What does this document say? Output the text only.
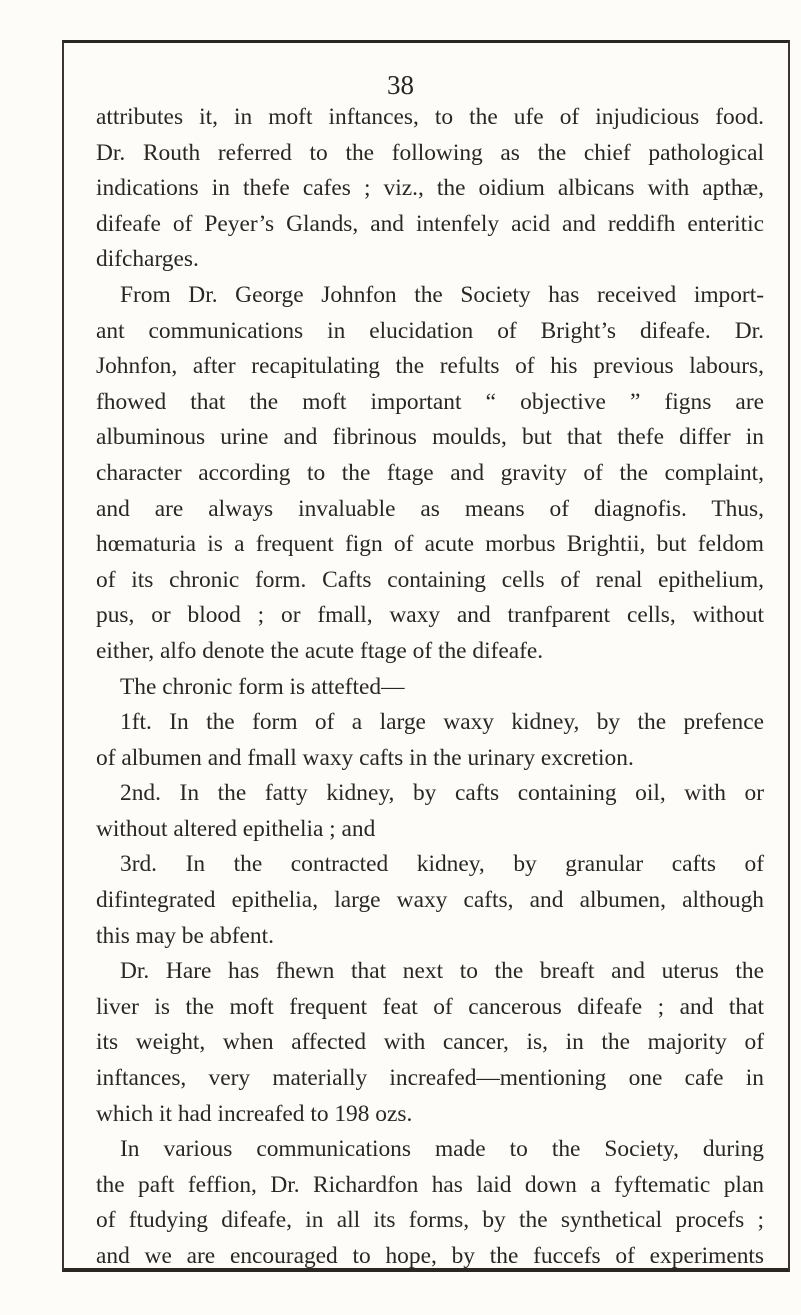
38
attributes it, in moft inftances, to the ufe of injudicious food.
Dr. Routh referred to the following as the chief pathological
indications in thefe cafes ; viz., the oidium albicans with apthæ,
difeafe of Peyer’s Glands, and intenfely acid and reddifh enteritic
difcharges.
From Dr. George Johnfon the Society has received import-
ant communications in elucidation of Bright’s difeafe. Dr.
Johnfon, after recapitulating the refults of his previous labours,
fhowed that the moft important “ objective ” figns are
albuminous urine and fibrinous moulds, but that thefe differ in
character according to the ftage and gravity of the complaint,
and are always invaluable as means of diagnofis. Thus,
hœmaturia is a frequent fign of acute morbus Brightii, but feldom
of its chronic form. Cafts containing cells of renal epithelium,
pus, or blood ; or fmall, waxy and tranfparent cells, without
either, alfo denote the acute ftage of the difeafe.
The chronic form is attefted—
1ft. In the form of a large waxy kidney, by the prefence
of albumen and fmall waxy cafts in the urinary excretion.
2nd. In the fatty kidney, by cafts containing oil, with or
without altered epithelia ; and
3rd. In the contracted kidney, by granular cafts of
difintegrated epithelia, large waxy cafts, and albumen, although
this may be abfent.
Dr. Hare has fhewn that next to the breaft and uterus the
liver is the moft frequent feat of cancerous difeafe ; and that
its weight, when affected with cancer, is, in the majority of
inftances, very materially increafed—mentioning one cafe in
which it had increafed to 198 ozs.
In various communications made to the Society, during
the paft feffion, Dr. Richardfon has laid down a fyftematic plan
of ftudying difeafe, in all its forms, by the synthetical procefs ;
and we are encouraged to hope, by the fuccefs of experiments
